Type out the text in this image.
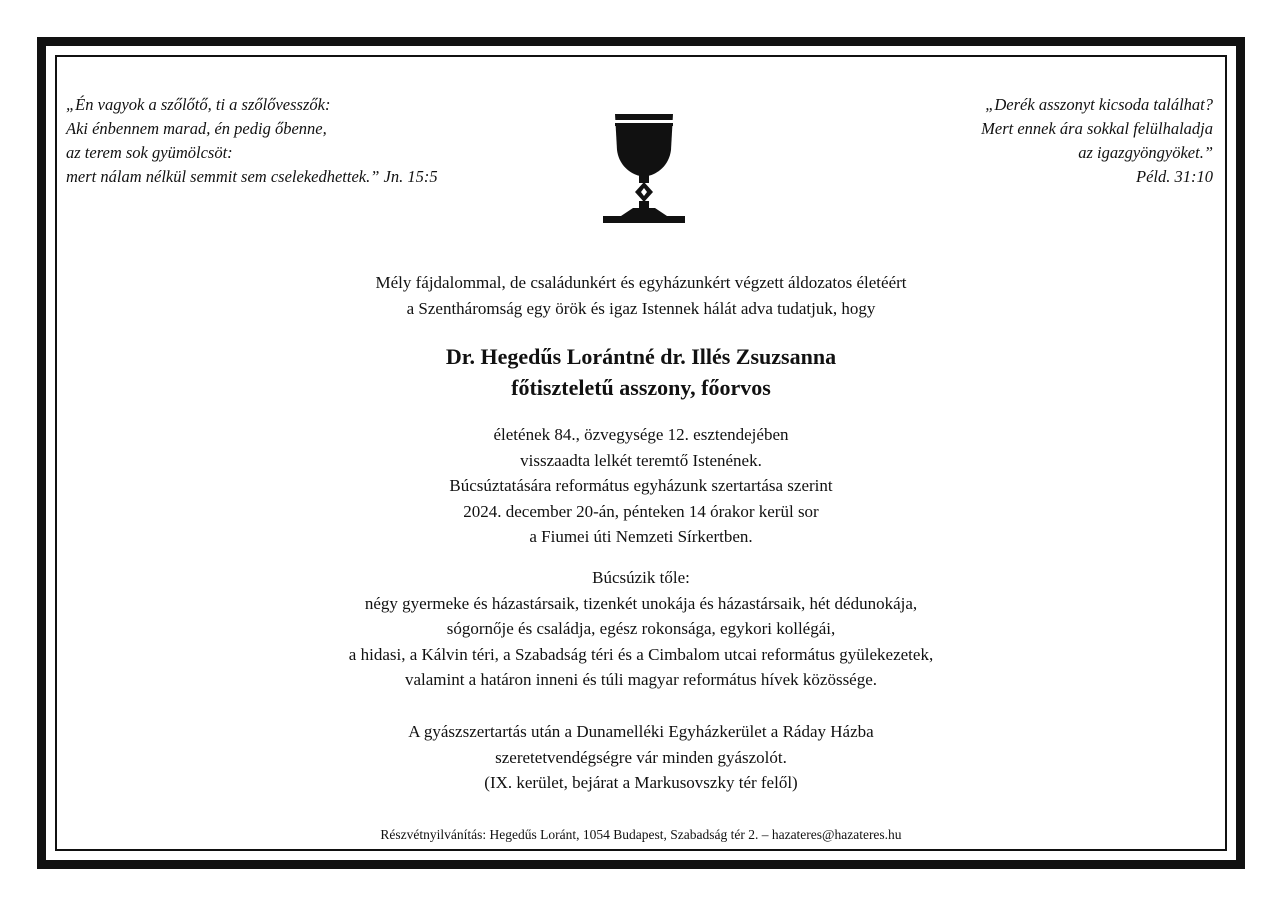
„Én vagyok a szőlőtő, ti a szőlővesszők:
Aki énbennem marad, én pedig őbenne,
az terem sok gyümölcsöt:
mert nálam nélkül semmit sem cselekedhettek.” Jn. 15:5
„Derék asszonyt kicsoda találhat?
Mert ennek ára sokkal felülhaladja
az igazgyöngyöket.”
Péld. 31:10
Mély fájdalommal, de családunkért és egyházunkért végzett áldozatos életéért
a Szentháromság egy örök és igaz Istennek hálát adva tudatjuk, hogy
Dr. Hegedűs Lorántné dr. Illés Zsuzsanna
főtiszteletű asszony, főorvos
életének 84., özvegysége 12. esztendejében
visszaadta lelkét teremtő Istenének.
Búcsúztatására református egyházunk szertartása szerint
2024. december 20-án, pénteken 14 órakor kerül sor
a Fiumei úti Nemzeti Sírkertben.
Búcsúzik tőle:
négy gyermeke és házastársaik, tizenkét unokája és házastársaik, hét dédunokája,
sógornője és családja, egész rokonsága, egykori kollégái,
a hidasi, a Kálvin téri, a Szabadság téri és a Cimbalom utcai református gyülekezetek,
valamint a határon inneni és túli magyar református hívek közössége.
A gyászszertartás után a Dunamelléki Egyházkerület a Ráday Házba
szeretetvendégségre vár minden gyászolót.
(IX. kerület, bejárat a Markusovszky tér felől)
Részvétnyilvánítás: Hegedűs Loránt, 1054 Budapest, Szabadság tér 2. – hazateres@hazateres.hu
